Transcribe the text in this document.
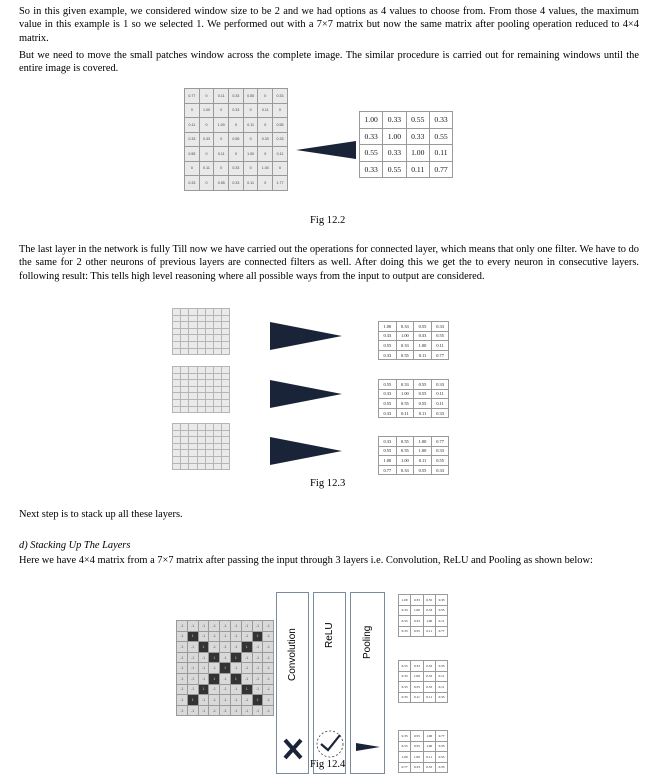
So in this given example, we considered window size to be 2 and we had options as 4 values to choose from. From those 4 values, the maximum value in this example is 1 so we selected 1. We performed out with a 7×7 matrix but now the same matrix after pooling operation reduced to 4×4 matrix.
But we need to move the small patches window across the complete image. The similar procedure is carried out for remaining windows until the entire image is covered.
0.77	0	0.11	0.33	0.55	0	0.33
0	1.00	0	0.33	0	0.11	0
0.11	0	1.00	0	0.11	0	0.55
0.33	0.33	0	0.55	0	0.33	0.33
0.55	0	0.11	0	1.00	0	0.11
0	0.11	0	0.33	0	1.00	0
0.33	0	0.55	0.33	0.11	0	1.77
1.00	0.33	0.55	0.33
0.33	1.00	0.33	0.55
0.55	0.33	1.00	0.11
0.33	0.55	0.11	0.77
Fig 12.2
The last layer in the network is fully Till now we have carried out the operations for connected layer, which means that only one filter. We have to do the same for 2 other neurons of previous layers are connected filters as well. After doing this we get the to every neuron in consecutive layers. following result: This tells high level reasoning where all possible ways from the input to output are considered.

1.00	0.33	0.55	0.33
0.33	1.00	0.33	0.55
0.55	0.33	1.00	0.11
0.33	0.55	0.11	0.77

0.55	0.33	0.55	0.33
0.33	1.00	0.55	0.11
0.55	0.55	0.55	0.11
0.33	0.11	0.11	0.33

0.33	0.55	1.00	0.77
0.55	0.55	1.00	0.33
1.00	1.00	0.11	0.55
0.77	0.33	0.55	0.33
Fig 12.3
Next step is to stack up all these layers.
d) Stacking Up The Layers
Here we have 4×4 matrix from a 7×7 matrix after passing the input through 3 layers i.e. Convolution, ReLU and Pooling as shown below:
-1	-1	-1	-1	-1	-1	-1	-1	-1
-1	1	-1	-1	-1	-1	-1	1	-1
-1	-1	1	-1	-1	-1	1	-1	-1
-1	-1	-1	1	-1	1	-1	-1	-1
-1	-1	-1	-1	1	-1	-1	-1	-1
-1	-1	-1	1	-1	1	-1	-1	-1
-1	-1	1	-1	-1	-1	1	-1	-1
-1	1	-1	-1	-1	-1	-1	1	-1
-1	-1	-1	-1	-1	-1	-1	-1	-1
Convolution	ReLU	Pooling
1.00	0.33	0.55	0.33
0.33	1.00	0.33	0.55
0.55	0.33	1.00	0.11
0.33	0.55	0.11	0.77
0.55	0.33	0.55	0.33
0.33	1.00	0.55	0.11
0.55	0.55	0.55	0.11
0.33	0.11	0.11	0.33
0.33	0.55	1.00	0.77
0.55	0.55	1.00	0.33
1.00	1.00	0.11	0.55
0.77	0.33	0.55	0.33
Fig 12.4
